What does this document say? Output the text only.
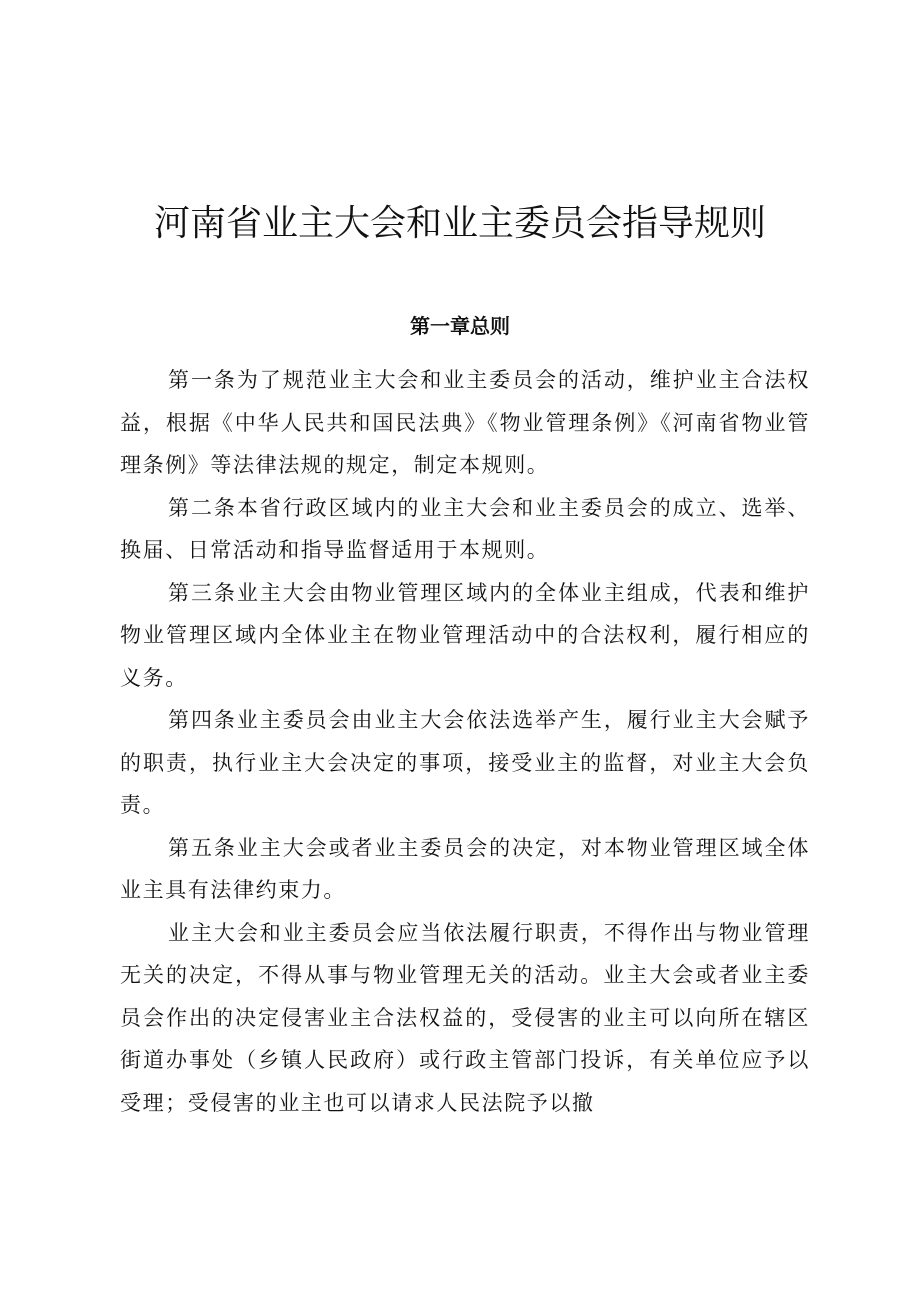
河南省业主大会和业主委员会指导规则
第一章总则

第一条为了规范业主大会和业主委员会的活动，维护业主合法权益，根据《中华人民共和国民法典》《物业管理条例》《河南省物业管理条例》等法律法规的规定，制定本规则。

第二条本省行政区域内的业主大会和业主委员会的成立、选举、换届、日常活动和指导监督适用于本规则。

第三条业主大会由物业管理区域内的全体业主组成，代表和维护物业管理区域内全体业主在物业管理活动中的合法权利，履行相应的义务。

第四条业主委员会由业主大会依法选举产生，履行业主大会赋予的职责，执行业主大会决定的事项，接受业主的监督，对业主大会负责。

第五条业主大会或者业主委员会的决定，对本物业管理区域全体业主具有法律约束力。

业主大会和业主委员会应当依法履行职责，不得作出与物业管理无关的决定，不得从事与物业管理无关的活动。业主大会或者业主委员会作出的决定侵害业主合法权益的，受侵害的业主可以向所在辖区街道办事处（乡镇人民政府）或行政主管部门投诉，有关单位应予以受理；受侵害的业主也可以请求人民法院予以撤
